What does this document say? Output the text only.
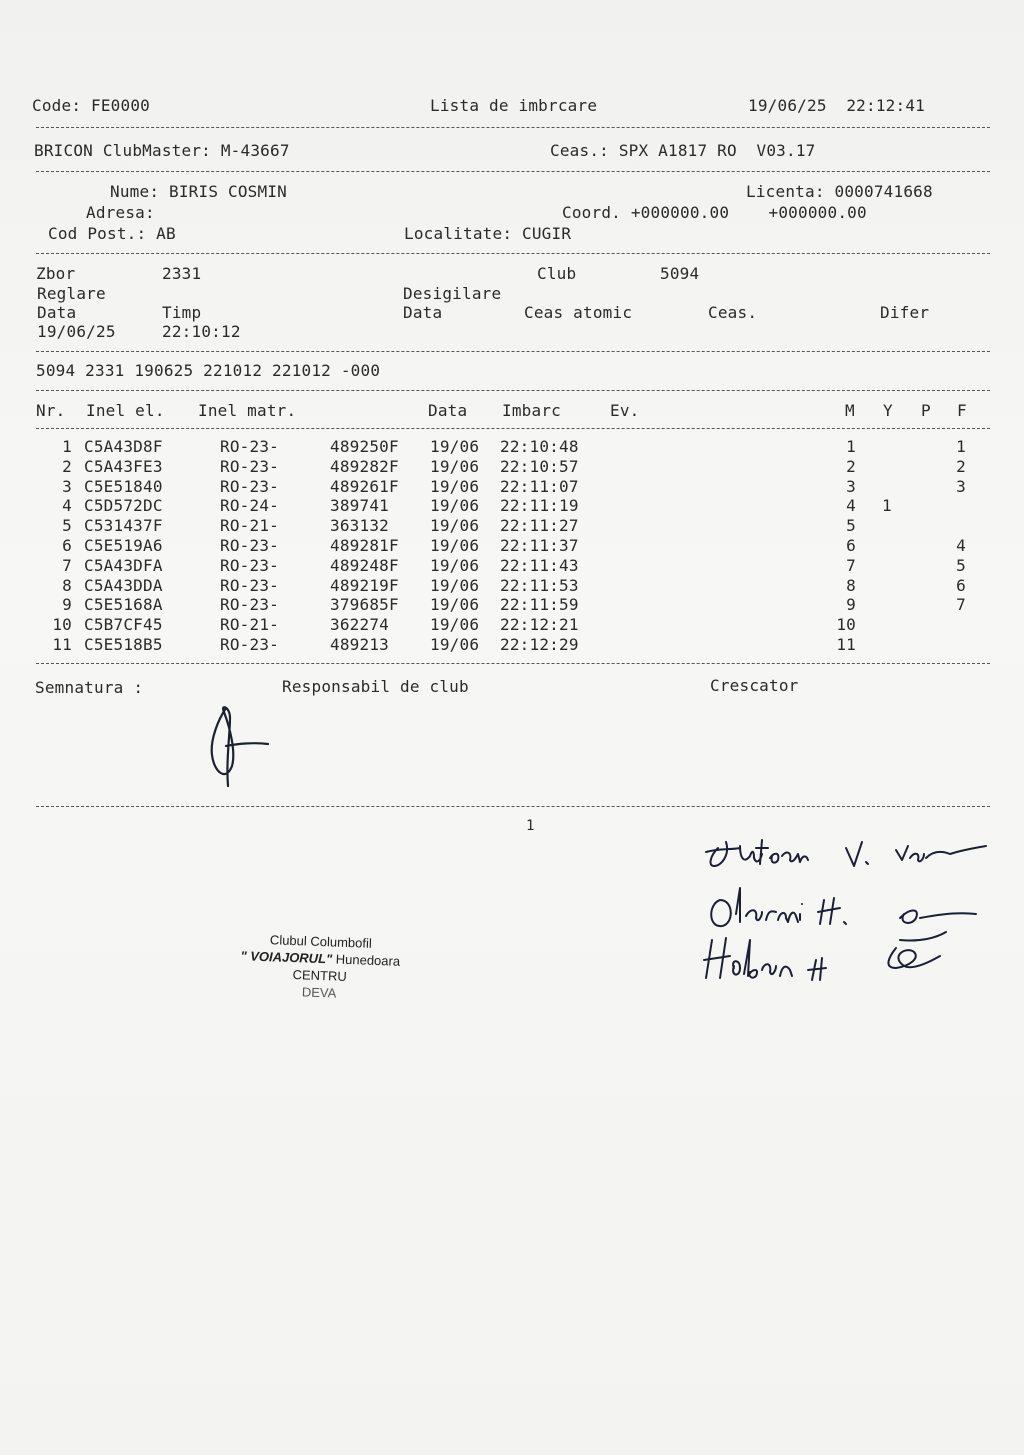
Code: FE0000	Lista de imbrcare	19/06/25  22:12:41
BRICON ClubMaster: M-43667	Ceas.: SPX A1817 RO  V03.17
Nume: BIRIS COSMIN	Licenta: 0000741668
Adresa:	Coord. +000000.00    +000000.00
Cod Post.: AB	Localitate: CUGIR
Zbor	2331	Club	5094
Reglare	Desigilare
Data	Timp	Data	Ceas atomic	Ceas.	Difer
19/06/25	22:10:12
5094 2331 190625 221012 221012 -000
Nr. Inel el. Inel matr.	Data Imbarc	Ev.	M Y P F
1 C5A43D8F	RO-23-	489250F 19/06 22:10:48	1	1
2 C5A43FE3	RO-23-	489282F 19/06 22:10:57	2	2
3 C5E51840	RO-23-	489261F 19/06 22:11:07	3	3
4 C5D572DC	RO-24-	389741	19/06 22:11:19	4 1
5 C531437F	RO-21-	363132	19/06 22:11:27	5
6 C5E519A6	RO-23-	489281F 19/06 22:11:37	6	4
7 C5A43DFA	RO-23-	489248F 19/06 22:11:43	7	5
8 C5A43DDA	RO-23-	489219F 19/06 22:11:53	8	6
9 C5E5168A	RO-23-	379685F 19/06 22:11:59	9	7
10 C5B7CF45	RO-21-	362274	19/06 22:12:21	10
11 C5E518B5	RO-23-	489213	19/06 22:12:29	11
Semnatura :	Responsabil de club	Crescator
1
Clubul Columbofil
" VOIAJORUL" Hunedoara
CENTRU
DEVA
